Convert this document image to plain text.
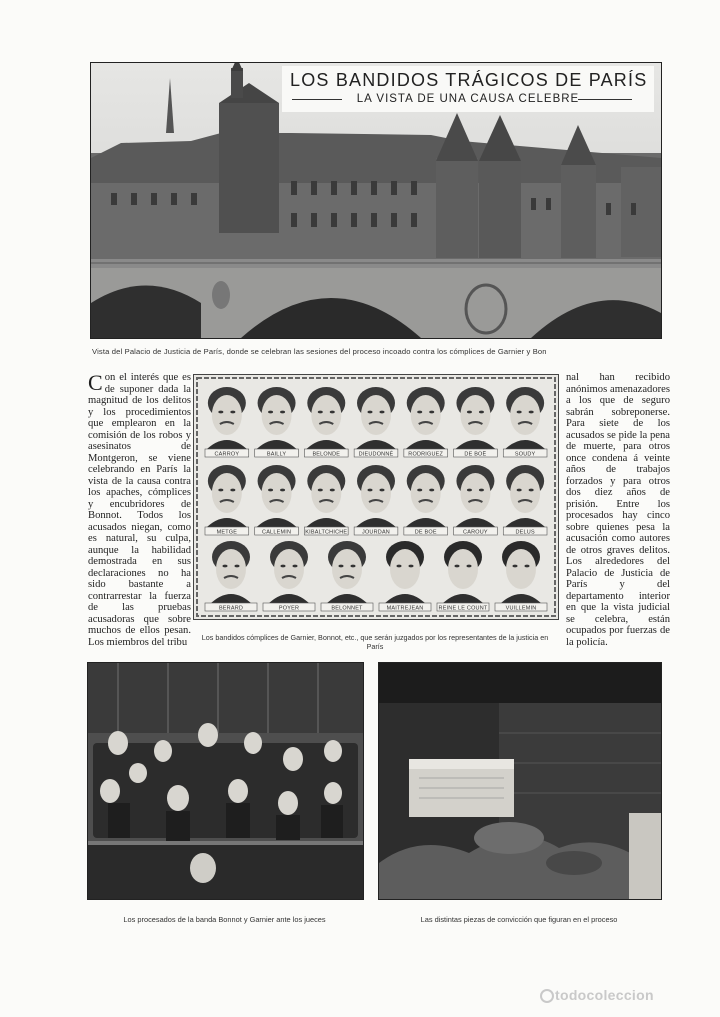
LOS BANDIDOS TRÁGICOS DE PARÍS
LA VISTA DE UNA CAUSA CELEBRE
Vista del Palacio de Justicia de París, donde se celebran las sesiones del proceso incoado contra los cómplices de Garnier y Bon
Con el interés que es de suponer dada la magnitud de los delitos y los procedimientos que emplearon en la comisión de los robos y asesinatos de Montgeron, se viene celebrando en París la vista de la causa contra los apaches, cómplices y encubridores de Bonnot. Todos los acusados niegan, como es natural, su culpa, aunque la habilidad demostrada en sus declaraciones no ha sido bastante a contrarrestar la fuerza de las pruebas acusadoras que sobre muchos de ellos pesan. Los miembros del tribu
CARROY	BAILLY	BELONDE	DIEUDONNÉ	RODRIGUEZ	DE BOË	SOUDY
METGE	CALLEMIN	KIBALTCHICHE	JOURDAN	DE BOE	CAROUY	DELUS
BERARD	POYER	BELONNET	MAITREJEAN	REINE LE COUNT	VUILLEMIN
Los bandidos cómplices de Garnier, Bonnot, etc., que serán juzgados por los representantes de la justicia en París
nal han recibido anónimos amenazadores a los que de seguro sabrán sobreponerse. Para siete de los acusados se pide la pena de muerte, para otros once condena á veinte años de trabajos forzados y para otros dos diez años de prisión. Entre los procesados hay cinco sobre quienes pesa la acusación como autores de otros graves delitos. Los alrededores del Palacio de Justicia de París y del departamento interior en que la vista judicial se celebra, están ocupados por fuerzas de la policía.
Los procesados de la banda Bonnot y Garnier ante los jueces	Las distintas piezas de convicción que figuran en el proceso
todocoleccion
